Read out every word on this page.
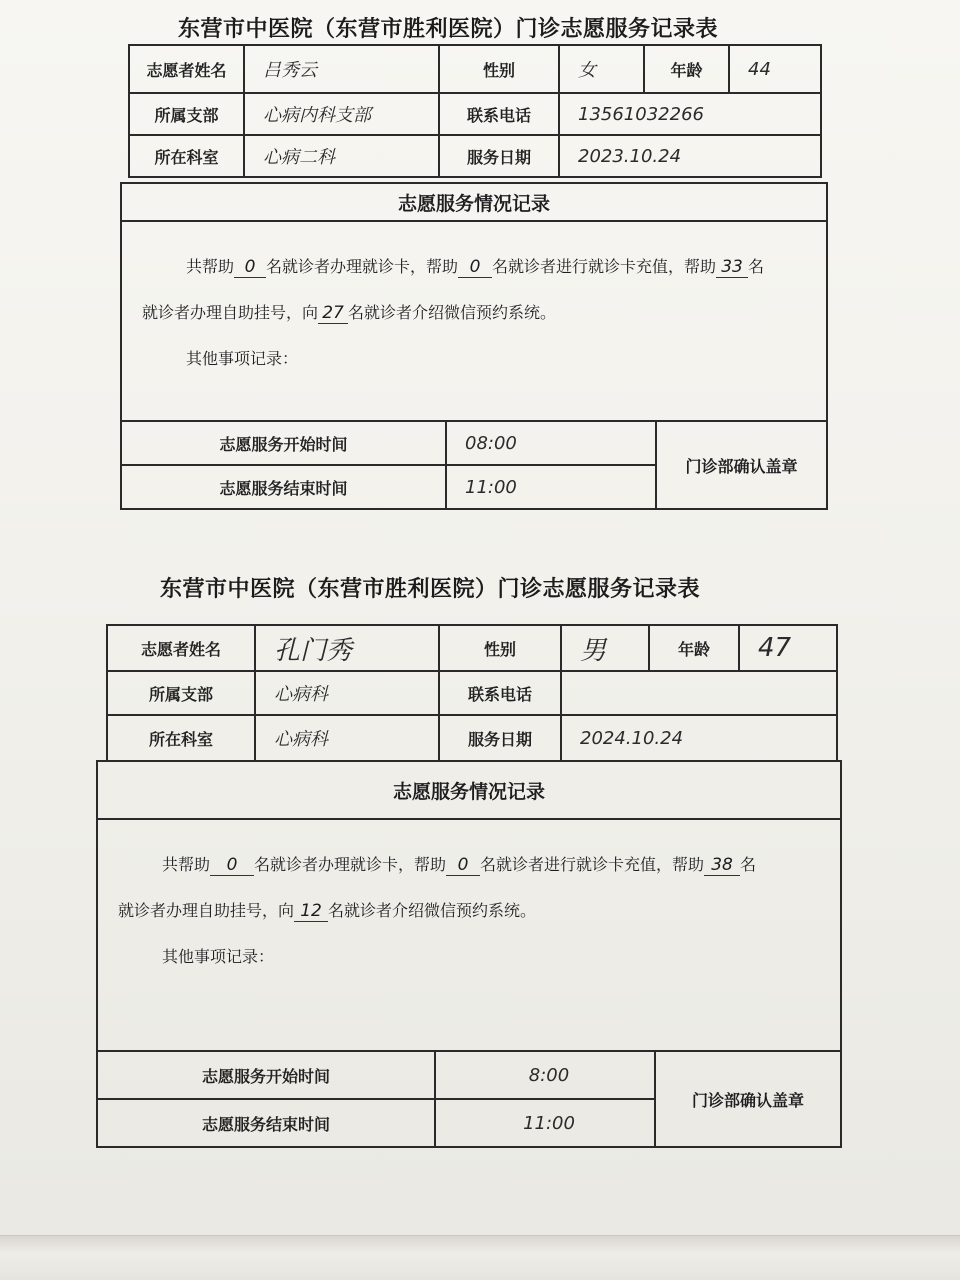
东营市中医院（东营市胜利医院）门诊志愿服务记录表
志愿者姓名	吕秀云	性别	女	年龄	44
所属支部	心病内科支部	联系电话	13561032266		
所在科室	心病二科	服务日期	2023.10.24		
志愿服务情况记录		

共帮助 0 名就诊者办理就诊卡，帮助 0 名就诊者进行就诊卡充值，帮助 33 名
就诊者办理自助挂号，向 27 名就诊者介绍微信预约系统。
其他事项记录：		

志愿服务开始时间	08:00	门诊部确认盖章
志愿服务结束时间	11:00	
东营市中医院（东营市胜利医院）门诊志愿服务记录表
志愿者姓名	孔门秀	性别	男	年龄	47
所属支部	心病科	联系电话			
所在科室	心病科	服务日期	2024.10.24		
志愿服务情况记录		

共帮助 0 名就诊者办理就诊卡，帮助 0 名就诊者进行就诊卡充值，帮助 38 名
就诊者办理自助挂号，向 12 名就诊者介绍微信预约系统。
其他事项记录：		

志愿服务开始时间	8:00	门诊部确认盖章
志愿服务结束时间	11:00	
